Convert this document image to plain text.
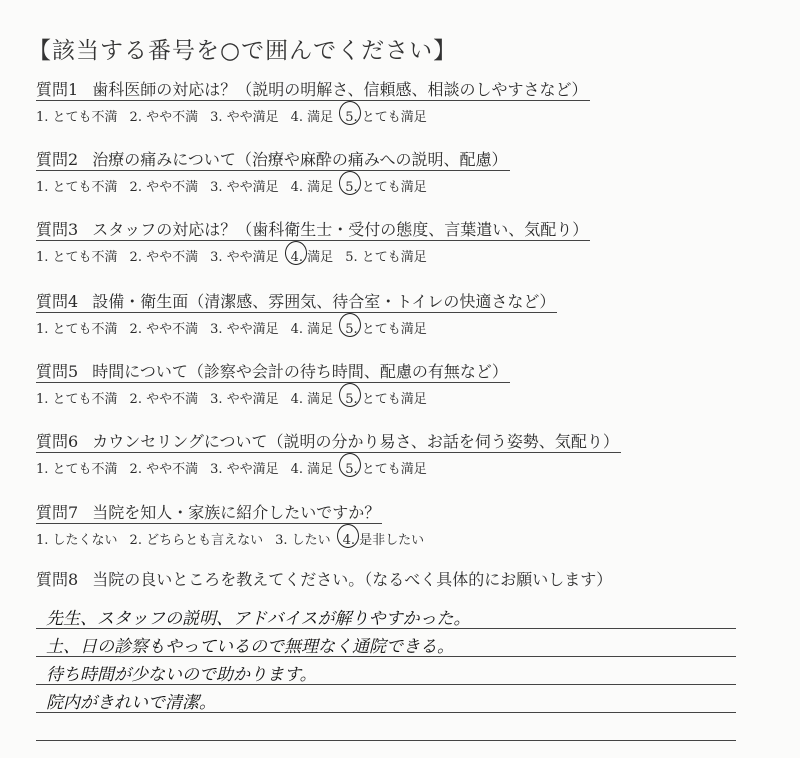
【該当する番号を○で囲んでください】
質問1 歯科医師の対応は？（説明の明解さ、信頼感、相談のしやすさなど）
1. とても不満 2. やや不満 3. やや満足 4. 満足 5. とても満足
質問2 治療の痛みについて（治療や麻酔の痛みへの説明、配慮）
1. とても不満 2. やや不満 3. やや満足 4. 満足 5. とても満足
質問3 スタッフの対応は？（歯科衛生士・受付の態度、言葉遣い、気配り）
1. とても不満 2. やや不満 3. やや満足 4. 満足 5. とても満足
質問4 設備・衛生面（清潔感、雰囲気、待合室・トイレの快適さなど）
1. とても不満 2. やや不満 3. やや満足 4. 満足 5. とても満足
質問5 時間について（診察や会計の待ち時間、配慮の有無など）
1. とても不満 2. やや不満 3. やや満足 4. 満足 5. とても満足
質問6 カウンセリングについて（説明の分かり易さ、お話を伺う姿勢、気配り）
1. とても不満 2. やや不満 3. やや満足 4. 満足 5. とても満足
質問7 当院を知人・家族に紹介したいですか？
1. したくない 2. どちらとも言えない 3. したい 4. 是非したい
質問8 当院の良いところを教えてください。（なるべく具体的にお願いします）
先生、スタッフの説明、アドバイスが解りやすかった。
土、日の診察もやっているので無理なく通院できる。
待ち時間が少ないので助かります。
院内がきれいで清潔。
